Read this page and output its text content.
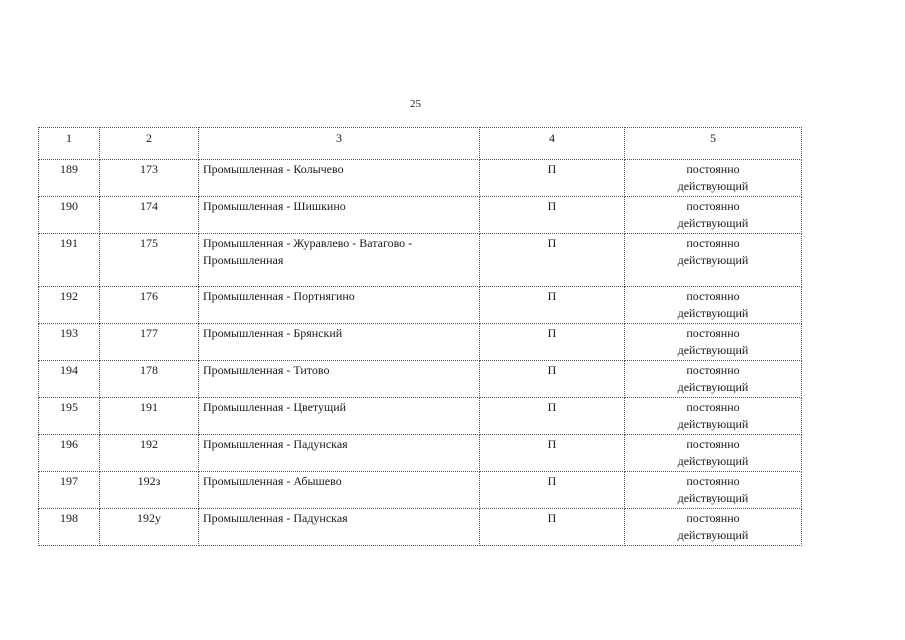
25
1	2	3	4	5
189	173	Промышленная - Колычево	П	постоянно
действующий

190	174	Промышленная - Шишкино	П	постоянно
действующий

191	175	Промышленная - Журавлево - Ватагово - Промышленная	П	постоянно
действующий

192	176	Промышленная - Портнягино	П	постоянно
действующий

193	177	Промышленная - Брянский	П	постоянно
действующий

194	178	Промышленная - Титово	П	постоянно
действующий

195	191	Промышленная - Цветущий	П	постоянно
действующий

196	192	Промышленная - Падунская	П	постоянно
действующий

197	192з	Промышленная - Абышево	П	постоянно
действующий

198	192у	Промышленная - Падунская	П	постоянно
действующий
